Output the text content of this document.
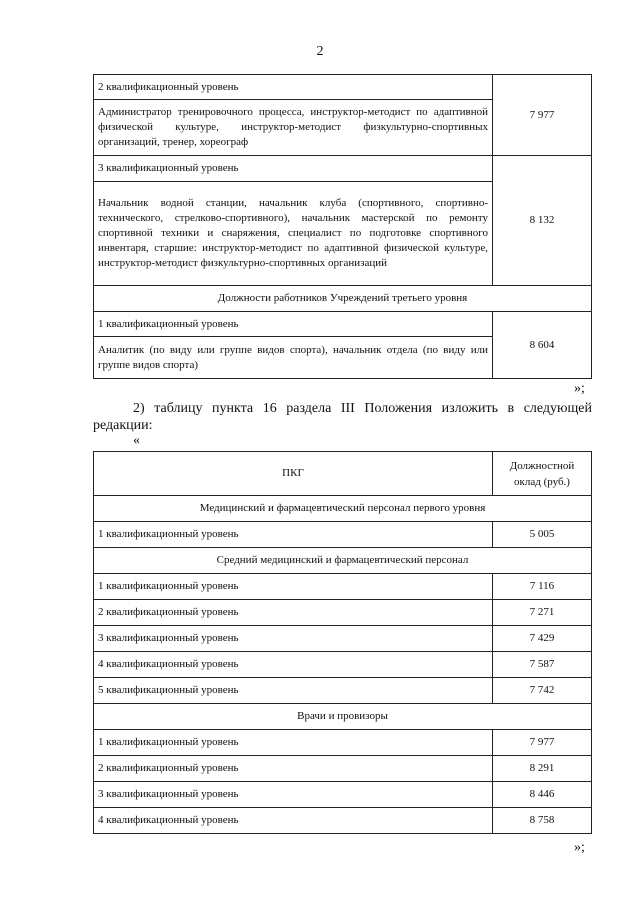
2
2 квалификационный уровень	7 977
Администратор тренировочного процесса, инструктор-методист по адаптивной физической культуре, инструктор-методист физкультурно-спортивных организаций, тренер, хореограф	
3 квалификационный уровень	8 132
Начальник водной станции, начальник клуба (спортивного, спортивно-технического, стрелково-спортивного), начальник мастерской по ремонту спортивной техники и снаряжения, специалист по подготовке спортивного инвентаря, старшие: инструктор-методист по адаптивной физической культуре, инструктор-методист физкультурно-спортивных организаций	
Должности работников Учреждений третьего уровня	
1 квалификационный уровень	8 604
Аналитик (по виду или группе видов спорта), начальник отдела (по виду или группе видов спорта)	
»;
2) таблицу пункта 16 раздела III Положения изложить в следующей редакции:
«
ПКГ	Должностной оклад (руб.)
Медицинский и фармацевтический персонал первого уровня	
1 квалификационный уровень	5 005
Средний медицинский и фармацевтический персонал	
1 квалификационный уровень	7 116
2 квалификационный уровень	7 271
3 квалификационный уровень	7 429
4 квалификационный уровень	7 587
5 квалификационный уровень	7 742
Врачи и провизоры	
1 квалификационный уровень	7 977
2 квалификационный уровень	8 291
3 квалификационный уровень	8 446
4 квалификационный уровень	8 758
»;
